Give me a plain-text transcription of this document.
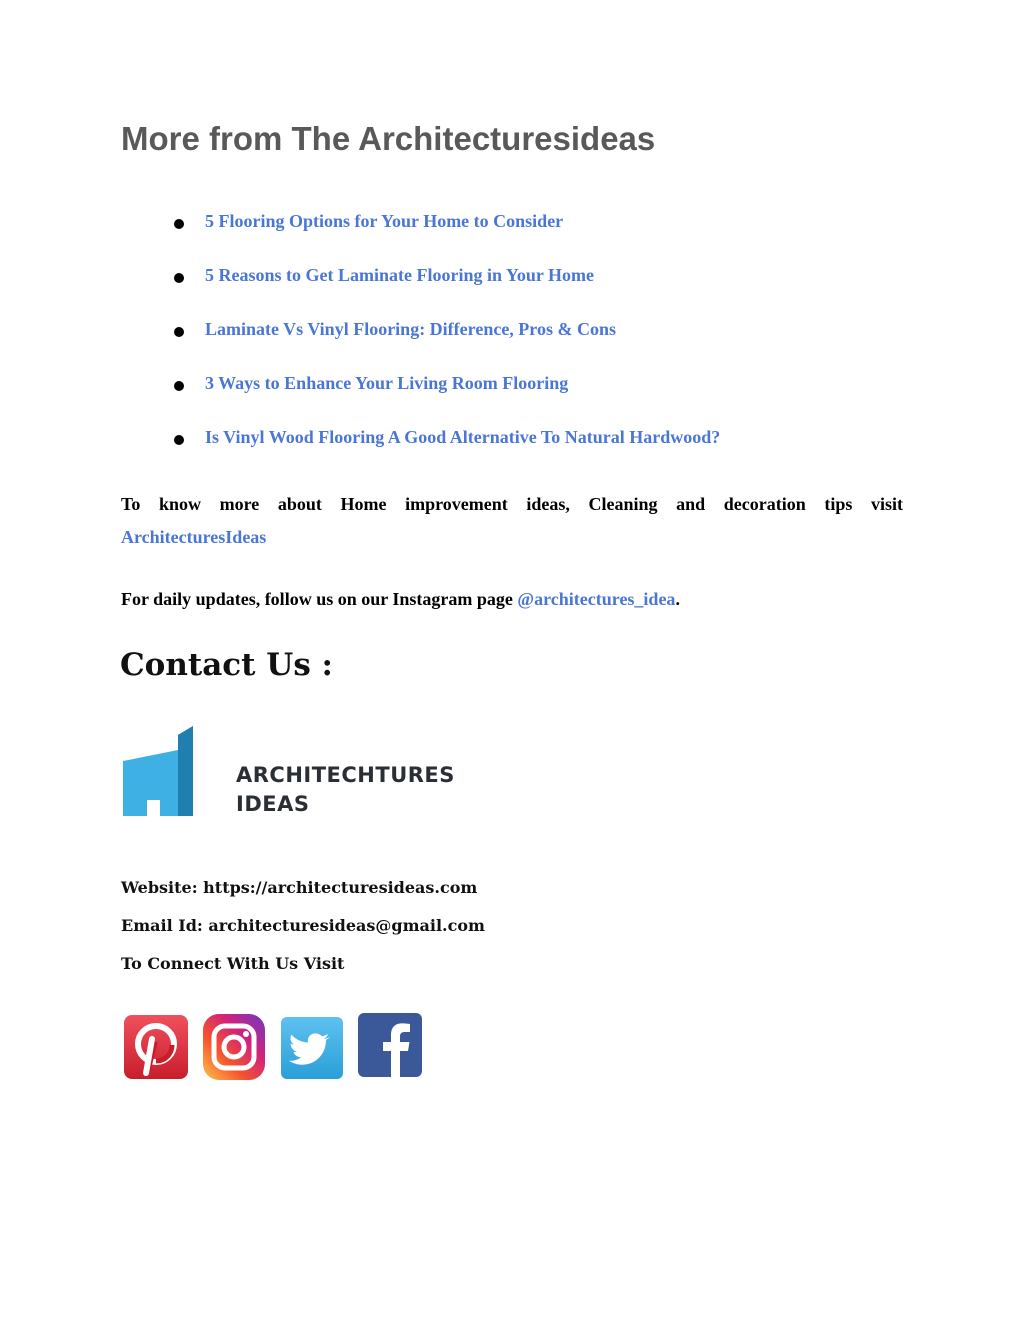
More from The Architecturesideas
5 Flooring Options for Your Home to Consider
5 Reasons to Get Laminate Flooring in Your Home
Laminate Vs Vinyl Flooring: Difference, Pros & Cons
3 Ways to Enhance Your Living Room Flooring
Is Vinyl Wood Flooring A Good Alternative To Natural Hardwood?
To know more about Home improvement ideas, Cleaning and decoration tips visit
ArchitecturesIdeas
For daily updates, follow us on our Instagram page @architectures_idea.
Contact Us :
ARCHITECHTURES
IDEAS
Website: https://architecturesideas.com
Email Id: architecturesideas@gmail.com
To Connect With Us Visit
